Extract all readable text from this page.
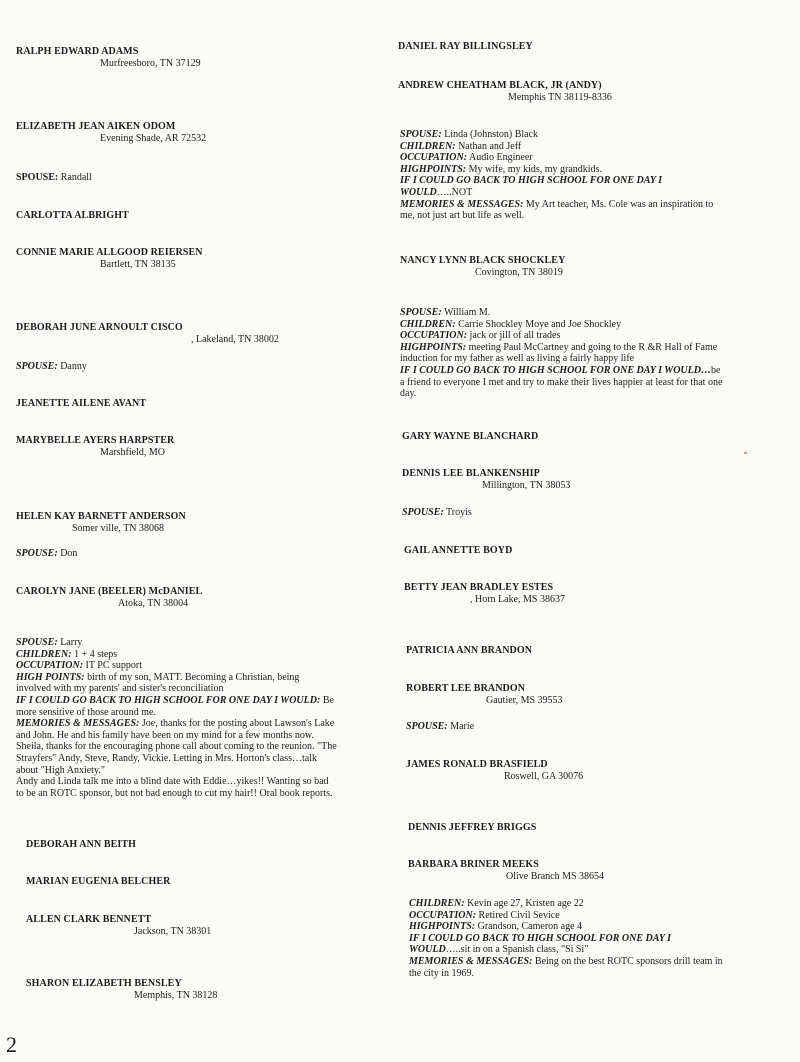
RALPH EDWARD ADAMS
Murfreesboro, TN 37129
ELIZABETH JEAN AIKEN ODOM
Evening Shade, AR 72532
SPOUSE: Randall
CARLOTTA ALBRIGHT
CONNIE MARIE ALLGOOD REIERSEN
Bartlett, TN 38135
DEBORAH JUNE ARNOULT CISCO
, Lakeland, TN 38002
SPOUSE: Danny
JEANETTE AILENE AVANT
MARYBELLE AYERS HARPSTER
Marshfield, MO
HELEN KAY BARNETT ANDERSON
Somer ville, TN 38068
SPOUSE: Don
CAROLYN JANE (BEELER) McDANIEL
Atoka, TN 38004
SPOUSE: Larry
CHILDREN: 1 + 4 steps
OCCUPATION: IT PC support
HIGH POINTS: birth of my son, MATT. Becoming a Christian, being
involved with my parents' and sister's reconciliation
IF I COULD GO BACK TO HIGH SCHOOL FOR ONE DAY I WOULD: Be
more sensitive of those around me.
MEMORIES & MESSAGES: Joe, thanks for the posting about Lawson's Lake
and John. He and his family have been on my mind for a few months now.
Sheila, thanks for the encouraging phone call about coming to the reunion. "The
Strayfers" Andy, Steve, Randy, Vickie. Letting in Mrs. Horton's class…talk
about "High Anxiety."
Andy and Linda talk me into a blind date with Eddie…yikes!! Wanting so bad
to be an ROTC sponsor, but not bad enough to cut my hair!! Oral book reports.
DEBORAH ANN BEITH
MARIAN EUGENIA BELCHER
ALLEN CLARK BENNETT
Jackson, TN 38301
SHARON ELIZABETH BENSLEY
Memphis, TN 38128
DANIEL RAY BILLINGSLEY
ANDREW CHEATHAM BLACK, JR (ANDY)
Memphis TN 38119-8336
SPOUSE: Linda (Johnston) Black
CHILDREN: Nathan and Jeff
OCCUPATION: Audio Engineer
HIGHPOINTS: My wife, my kids, my grandkids.
IF I COULD GO BACK TO HIGH SCHOOL FOR ONE DAY I
WOULD…..NOT
MEMORIES & MESSAGES: My Art teacher, Ms. Cole was an inspiration to
me, not just art but life as well.
NANCY LYNN BLACK SHOCKLEY
Covington, TN 38019
SPOUSE: William M.
CHILDREN: Carrie Shockley Moye and Joe Shockley
OCCUPATION: jack or jill of all trades
HIGHPOINTS: meeting Paul McCartney and going to the R &R Hall of Fame
induction for my father as well as living a fairly happy life
IF I COULD GO BACK TO HIGH SCHOOL FOR ONE DAY I WOULD…be
a friend to everyone I met and try to make their lives happier at least for that one
day.
GARY WAYNE BLANCHARD
DENNIS LEE BLANKENSHIP
Millington, TN 38053
SPOUSE: Troyis
GAIL ANNETTE BOYD
BETTY JEAN BRADLEY ESTES
, Horn Lake, MS 38637
PATRICIA ANN BRANDON
ROBERT LEE BRANDON
Gautier, MS 39553
SPOUSE: Marie
JAMES RONALD BRASFIELD
Roswell, GA 30076
DENNIS JEFFREY BRIGGS
BARBARA BRINER MEEKS
Olive Branch MS 38654
CHILDREN: Kevin age 27, Kristen age 22
OCCUPATION: Retired Civil Sevice
HIGHPOINTS: Grandson, Cameron age 4
IF I COULD GO BACK TO HIGH SCHOOL FOR ONE DAY I
WOULD…..sit in on a Spanish class, "Si Si"
MEMORIES & MESSAGES: Being on the best ROTC sponsors drill team in
the city in 1969.
2
